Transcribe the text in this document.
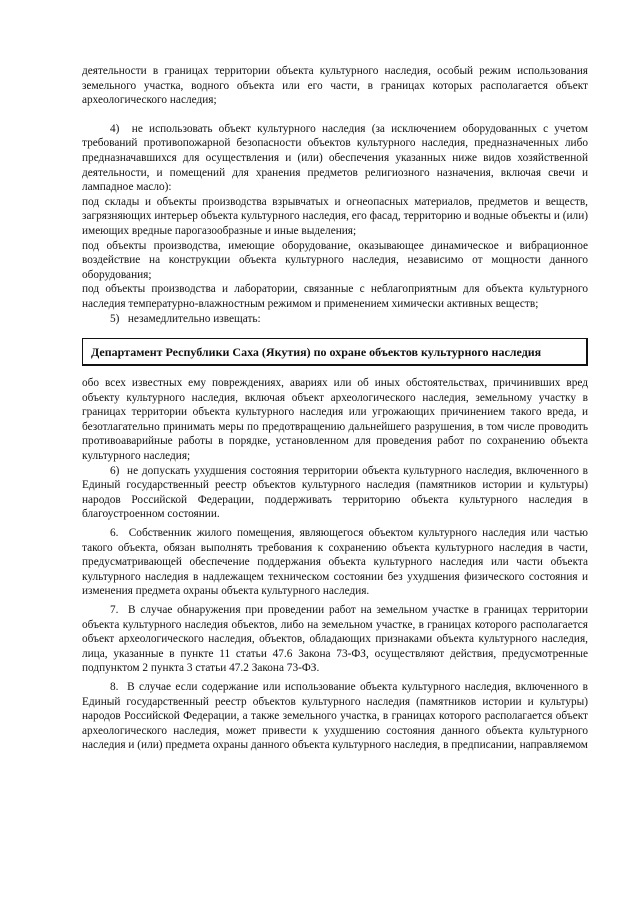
деятельности в границах территории объекта культурного наследия, особый режим использования земельного участка, водного объекта или его части, в границах которых располагается объект археологического наследия;

4)  не использовать объект культурного наследия (за исключением оборудованных с учетом требований противопожарной безопасности объектов культурного наследия, предназначенных либо предназначавшихся для осуществления и (или) обеспечения указанных ниже видов хозяйственной деятельности, и помещений для хранения предметов религиозного назначения, включая свечи и лампадное масло):

под склады и объекты производства взрывчатых и огнеопасных материалов, предметов и веществ, загрязняющих интерьер объекта культурного наследия, его фасад, территорию и водные объекты и (или) имеющих вредные парогазообразные и иные выделения;

под объекты производства, имеющие оборудование, оказывающее динамическое и вибрационное воздействие на конструкции объекта культурного наследия, независимо от мощности данного оборудования;

под объекты производства и лаборатории, связанные с неблагоприятным для объекта культурного наследия температурно-влажностным режимом и применением химически активных веществ;

5)   незамедлительно извещать:

Департамент Республики Саха (Якутия) по охране объектов культурного наследия

обо всех известных ему повреждениях, авариях или об иных обстоятельствах, причинивших вред объекту культурного наследия, включая объект археологического наследия, земельному участку в границах территории объекта культурного наследия или угрожающих причинением такого вреда, и безотлагательно принимать меры по предотвращению дальнейшего разрушения, в том числе проводить противоаварийные работы в порядке, установленном для проведения работ по сохранению объекта культурного наследия;

6)  не допускать ухудшения состояния территории объекта культурного наследия, включенного в Единый государственный реестр объектов культурного наследия (памятников истории и культуры) народов Российской Федерации, поддерживать территорию объекта культурного наследия в благоустроенном состоянии.

6.  Собственник жилого помещения, являющегося объектом культурного наследия или частью такого объекта, обязан выполнять требования к сохранению объекта культурного наследия в части, предусматривающей обеспечение поддержания объекта культурного наследия или части объекта культурного наследия в надлежащем техническом состоянии без ухудшения физического состояния и изменения предмета охраны объекта культурного наследия.

7.  В случае обнаружения при проведении работ на земельном участке в границах территории объекта культурного наследия объектов, либо на земельном участке, в границах которого располагается объект археологического наследия, объектов, обладающих признаками объекта культурного наследия, лица, указанные в пункте 11 статьи 47.6 Закона 73-ФЗ, осуществляют действия, предусмотренные подпунктом 2 пункта 3 статьи 47.2 Закона 73-ФЗ.

8.  В случае если содержание или использование объекта культурного наследия, включенного в Единый государственный реестр объектов культурного наследия (памятников истории и культуры) народов Российской Федерации, а также земельного участка, в границах которого располагается объект археологического наследия, может привести к ухудшению состояния данного объекта культурного наследия и (или) предмета охраны данного объекта культурного наследия, в предписании, направляемом
